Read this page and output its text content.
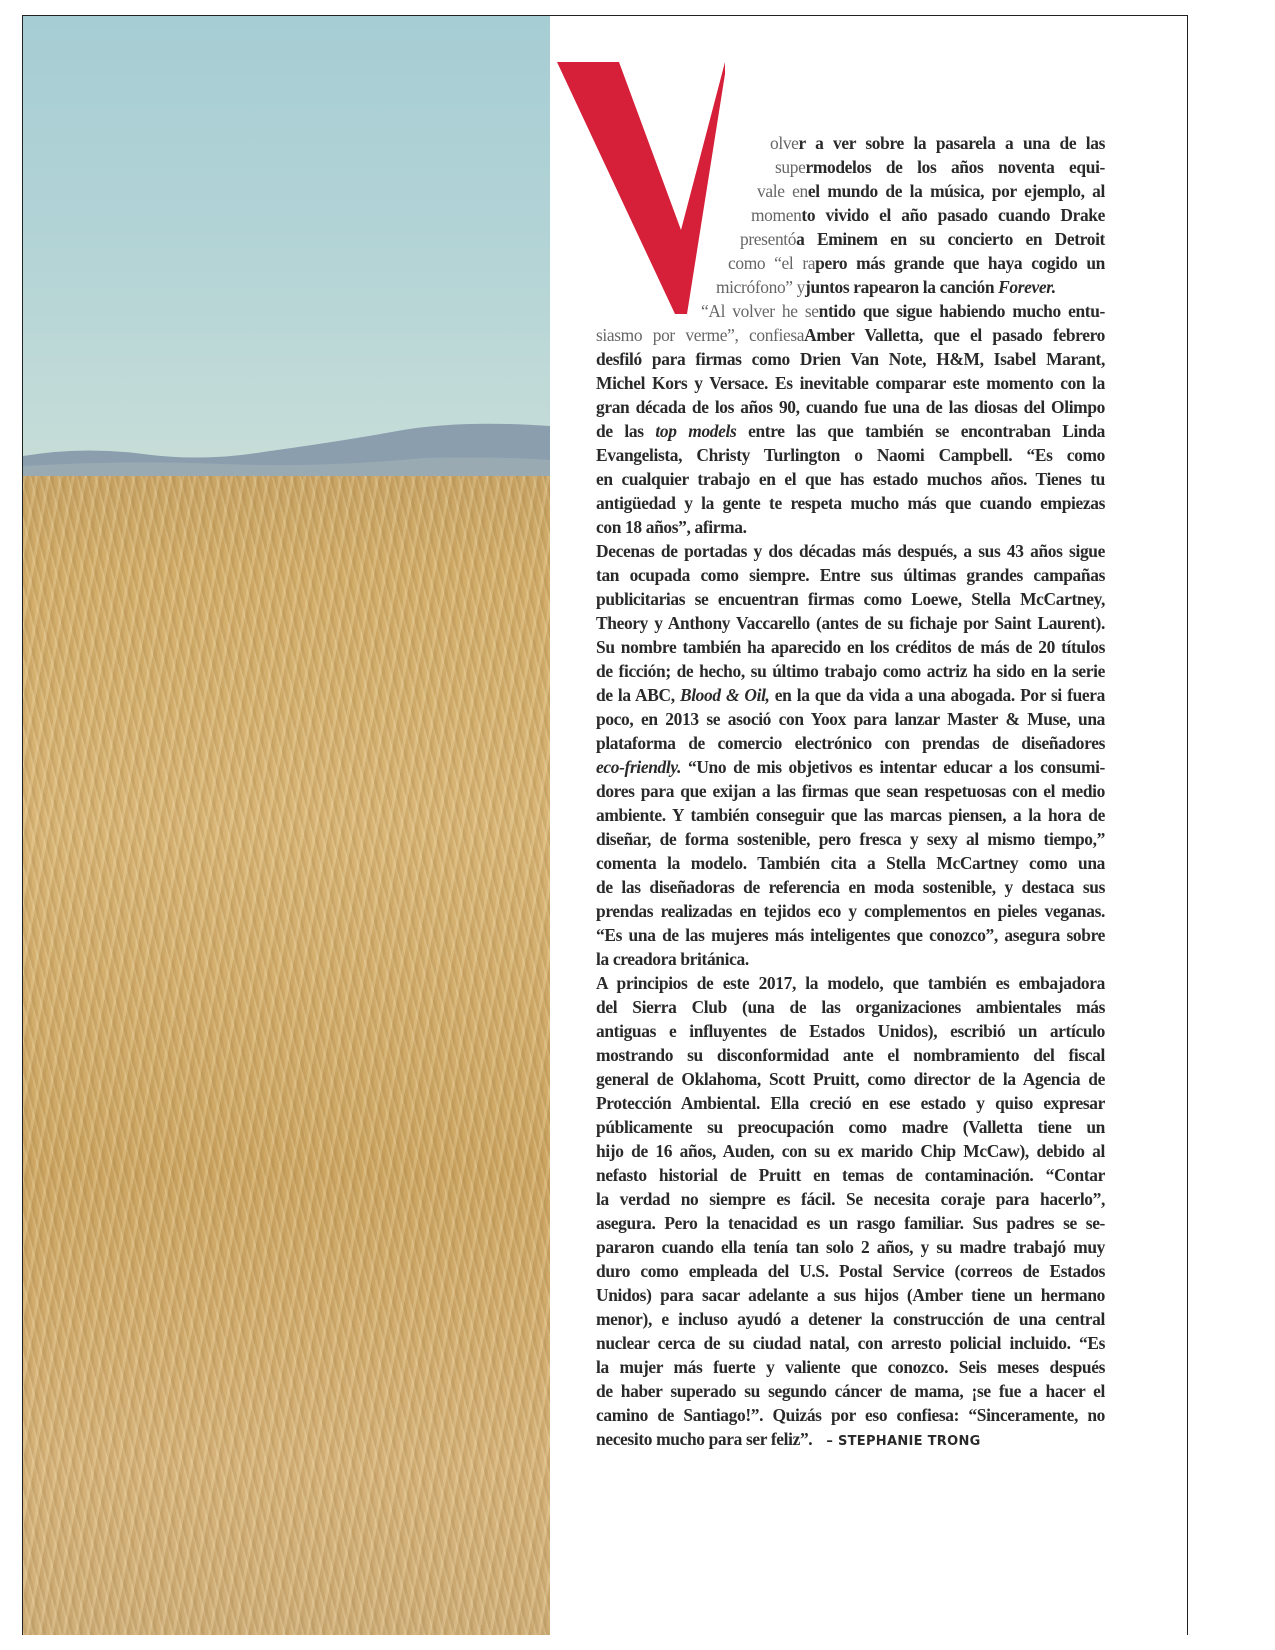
olver a ver sobre la pasarela a una de las
supermodelos de los años noventa equi-
vale enel mundo de la música, por ejemplo, al
momento vivido el año pasado cuando Drake
presentóa Eminem en su concierto en Detroit
como “el rapero más grande que haya cogido un
micrófono” yjuntos rapearon la canción Forever.
“Al volver he sentido que sigue habiendo mucho entu-
siasmo por verme”, confiesaAmber Valletta, que el pasado febrero
desfiló para firmas como Drien Van Note, H&M, Isabel Marant,
Michel Kors y Versace. Es inevitable comparar este momento con la
gran década de los años 90, cuando fue una de las diosas del Olimpo
de las top models entre las que también se encontraban Linda
Evangelista, Christy Turlington o Naomi Campbell. “Es como
en cualquier trabajo en el que has estado muchos años. Tienes tu
antigüedad y la gente te respeta mucho más que cuando empiezas
con 18 años”, afirma.
Decenas de portadas y dos décadas más después, a sus 43 años sigue
tan ocupada como siempre. Entre sus últimas grandes campañas
publicitarias se encuentran firmas como Loewe, Stella McCartney,
Theory y Anthony Vaccarello (antes de su fichaje por Saint Laurent).
Su nombre también ha aparecido en los créditos de más de 20 títulos
de ficción; de hecho, su último trabajo como actriz ha sido en la serie
de la ABC, Blood & Oil, en la que da vida a una abogada. Por si fuera
poco, en 2013 se asoció con Yoox para lanzar Master & Muse, una
plataforma de comercio electrónico con prendas de diseñadores
eco-friendly. “Uno de mis objetivos es intentar educar a los consumi-
dores para que exijan a las firmas que sean respetuosas con el medio
ambiente. Y también conseguir que las marcas piensen, a la hora de
diseñar, de forma sostenible, pero fresca y sexy al mismo tiempo,”
comenta la modelo. También cita a Stella McCartney como una
de las diseñadoras de referencia en moda sostenible, y destaca sus
prendas realizadas en tejidos eco y complementos en pieles veganas.
“Es una de las mujeres más inteligentes que conozco”, asegura sobre
la creadora británica.
A principios de este 2017, la modelo, que también es embajadora
del Sierra Club (una de las organizaciones ambientales más
antiguas e influyentes de Estados Unidos), escribió un artículo
mostrando su disconformidad ante el nombramiento del fiscal
general de Oklahoma, Scott Pruitt, como director de la Agencia de
Protección Ambiental. Ella creció en ese estado y quiso expresar
públicamente su preocupación como madre (Valletta tiene un
hijo de 16 años, Auden, con su ex marido Chip McCaw), debido al
nefasto historial de Pruitt en temas de contaminación. “Contar
la verdad no siempre es fácil. Se necesita coraje para hacerlo”,
asegura. Pero la tenacidad es un rasgo familiar. Sus padres se se-
pararon cuando ella tenía tan solo 2 años, y su madre trabajó muy
duro como empleada del U.S. Postal Service (correos de Estados
Unidos) para sacar adelante a sus hijos (Amber tiene un hermano
menor), e incluso ayudó a detener la construcción de una central
nuclear cerca de su ciudad natal, con arresto policial incluido. “Es
la mujer más fuerte y valiente que conozco. Seis meses después
de haber superado su segundo cáncer de mama, ¡se fue a hacer el
camino de Santiago!”. Quizás por eso confiesa: “Sinceramente, no
necesito mucho para ser feliz”. – STEPHANIE TRONG
